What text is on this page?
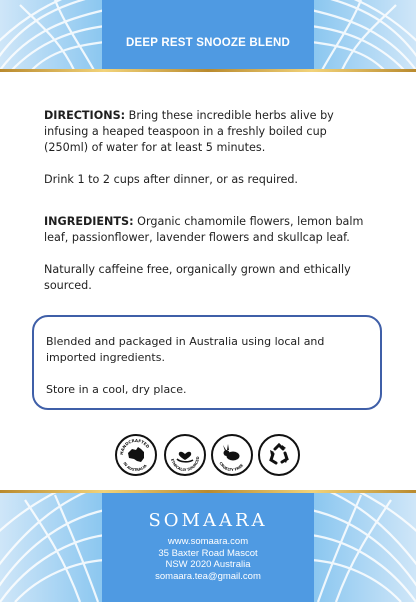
DEEP REST SNOOZE BLEND

DIRECTIONS: Bring these incredible herbs alive by infusing a heaped teaspoon in a freshly boiled cup (250ml) of water for at least 5 minutes.

Drink 1 to 2 cups after dinner, or as required.

INGREDIENTS: Organic chamomile flowers, lemon balm leaf, passionflower, lavender flowers and skullcap leaf.

Naturally caffeine free, organically grown and ethically sourced.

Blended and packaged in Australia using local and imported ingredients.

Store in a cool, dry place.

HANDCRAFTED
IN AUSTRALIA
ETHICALLY SOURCED
CRUELTY FREE
SOMAARA
www.somaara.com
35 Baxter Road Mascot
NSW 2020 Australia
somaara.tea@gmail.com
